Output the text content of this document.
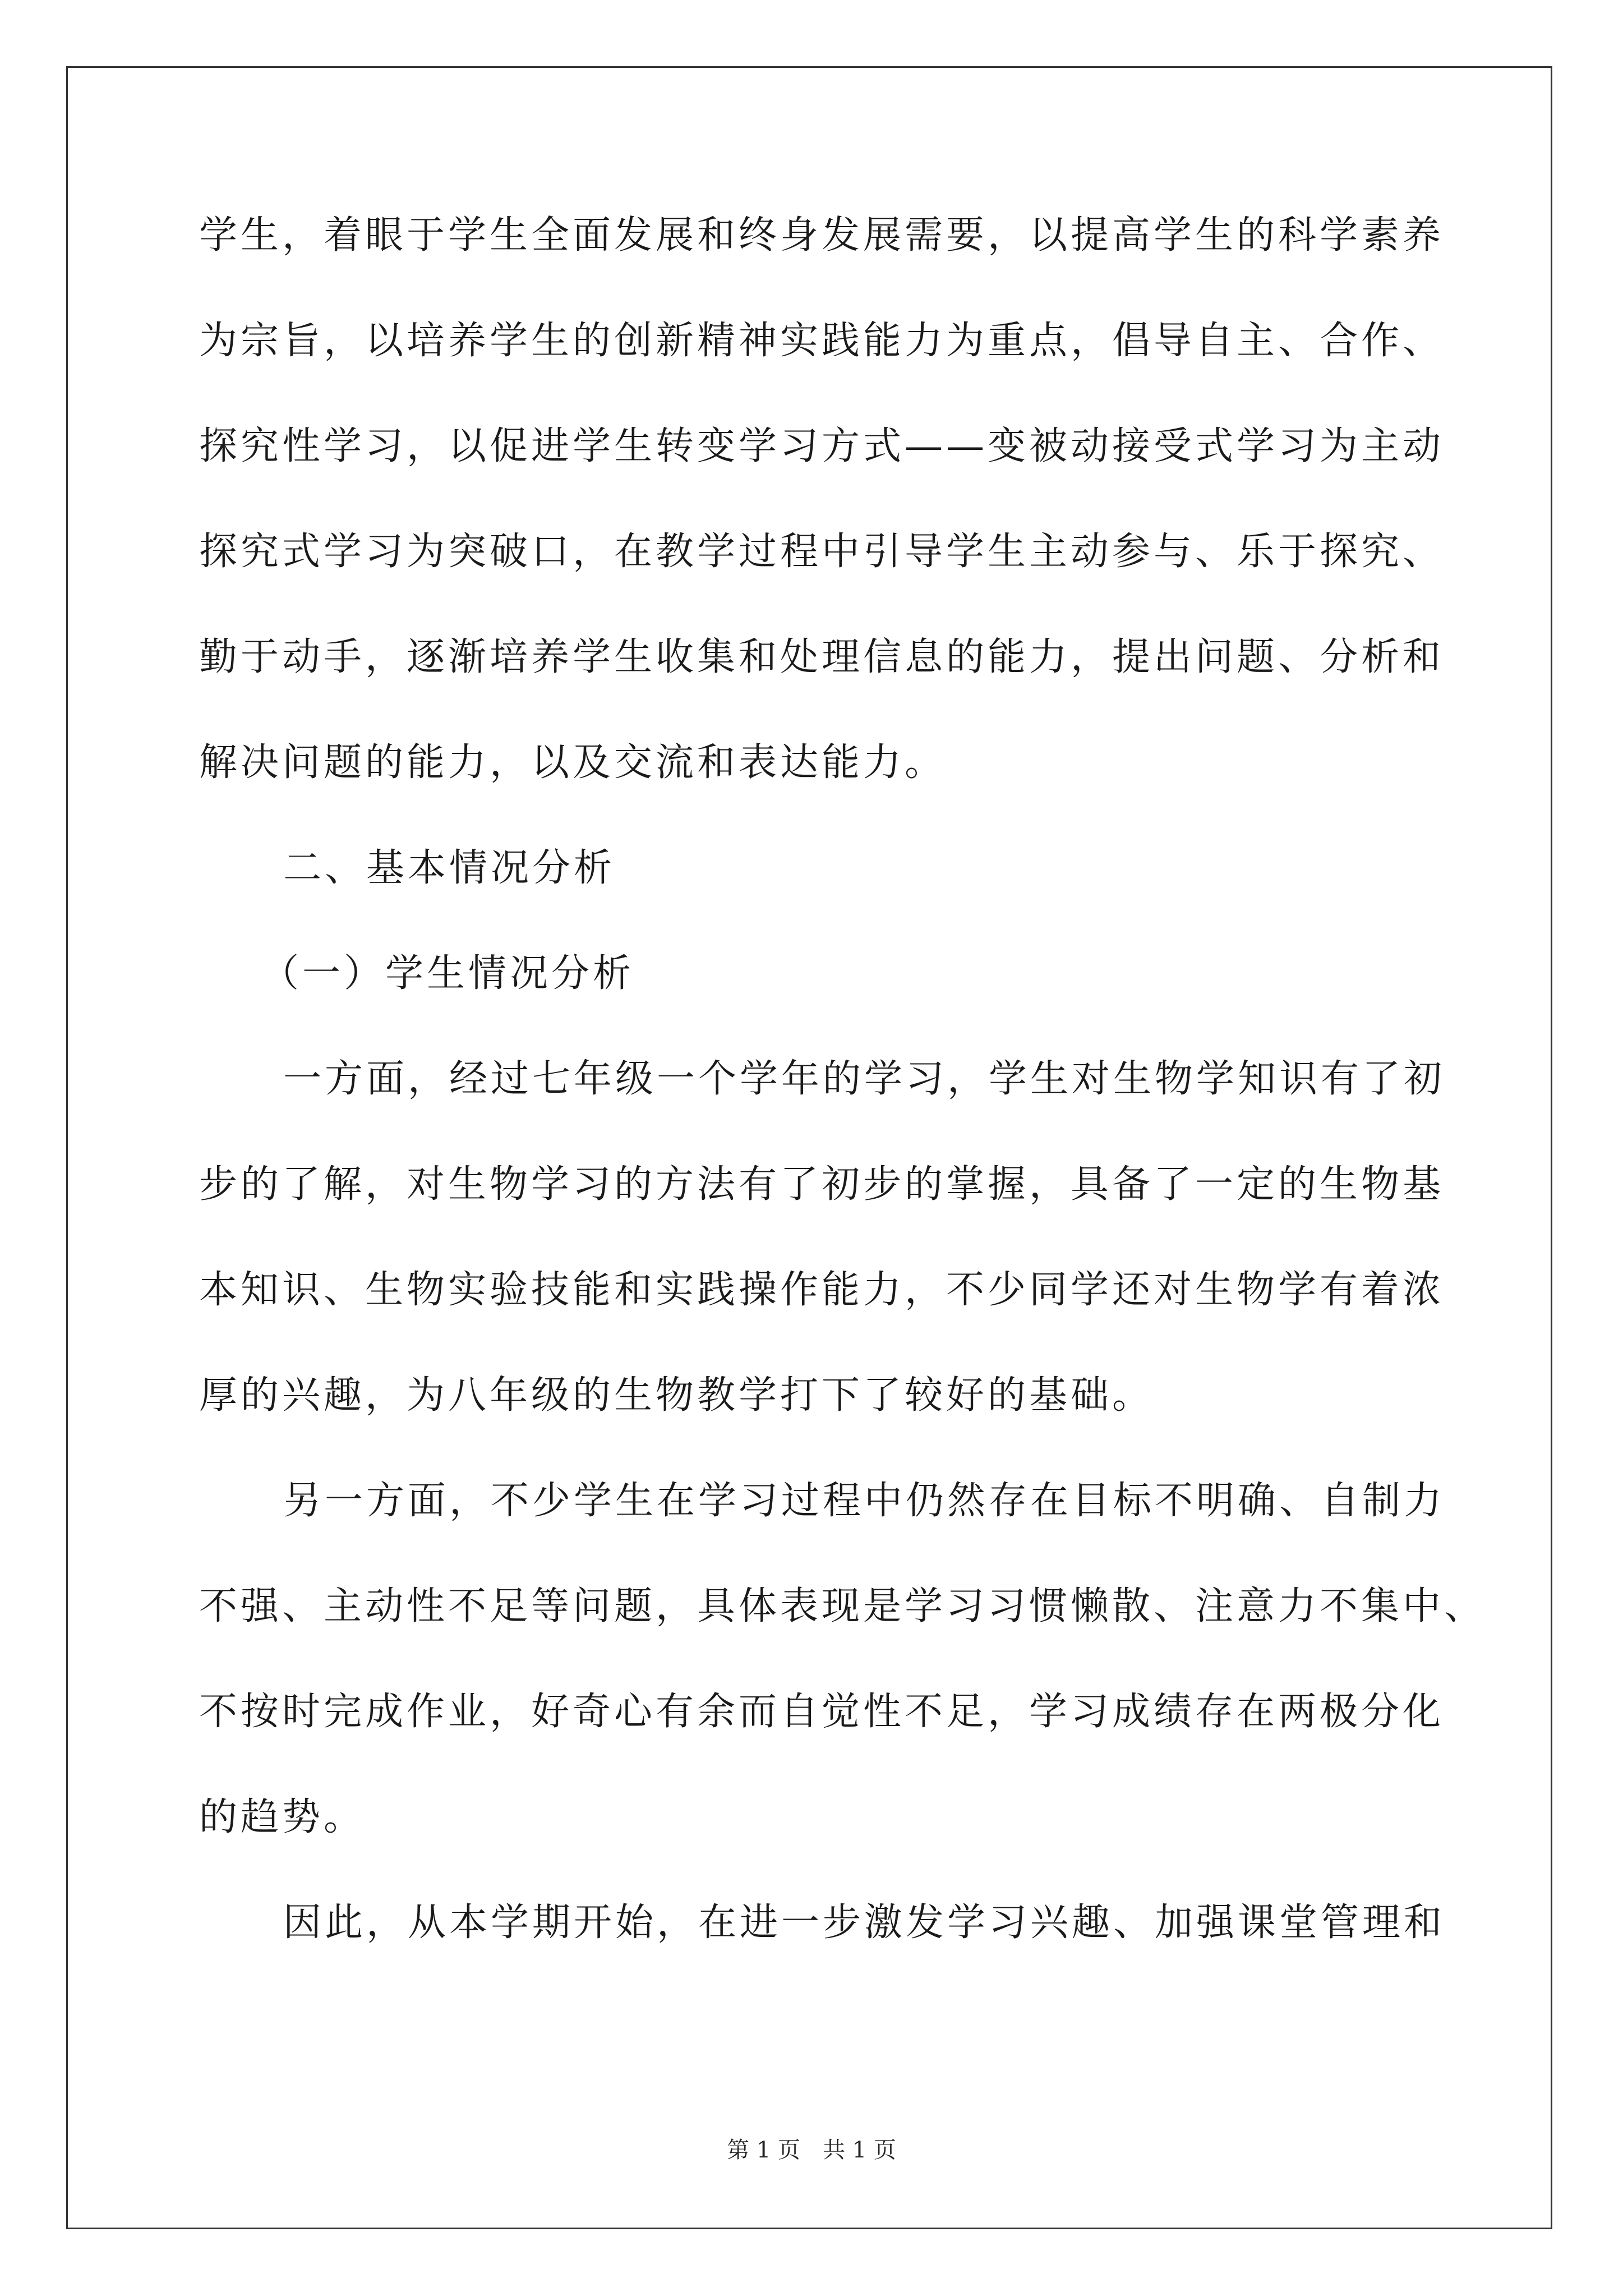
学生，着眼于学生全面发展和终身发展需要，以提高学生的科学素养
为宗旨，以培养学生的创新精神实践能力为重点，倡导自主、合作、
探究性学习，以促进学生转变学习方式——变被动接受式学习为主动
探究式学习为突破口，在教学过程中引导学生主动参与、乐于探究、
勤于动手，逐渐培养学生收集和处理信息的能力，提出问题、分析和
解决问题的能力，以及交流和表达能力。
二、基本情况分析
（一）学生情况分析
一方面，经过七年级一个学年的学习，学生对生物学知识有了初
步的了解，对生物学习的方法有了初步的掌握，具备了一定的生物基
本知识、生物实验技能和实践操作能力，不少同学还对生物学有着浓
厚的兴趣，为八年级的生物教学打下了较好的基础。
另一方面，不少学生在学习过程中仍然存在目标不明确、自制力
不强、主动性不足等问题，具体表现是学习习惯懒散、注意力不集中、
不按时完成作业，好奇心有余而自觉性不足，学习成绩存在两极分化
的趋势。
因此，从本学期开始，在进一步激发学习兴趣、加强课堂管理和
第 1 页　共 1 页
